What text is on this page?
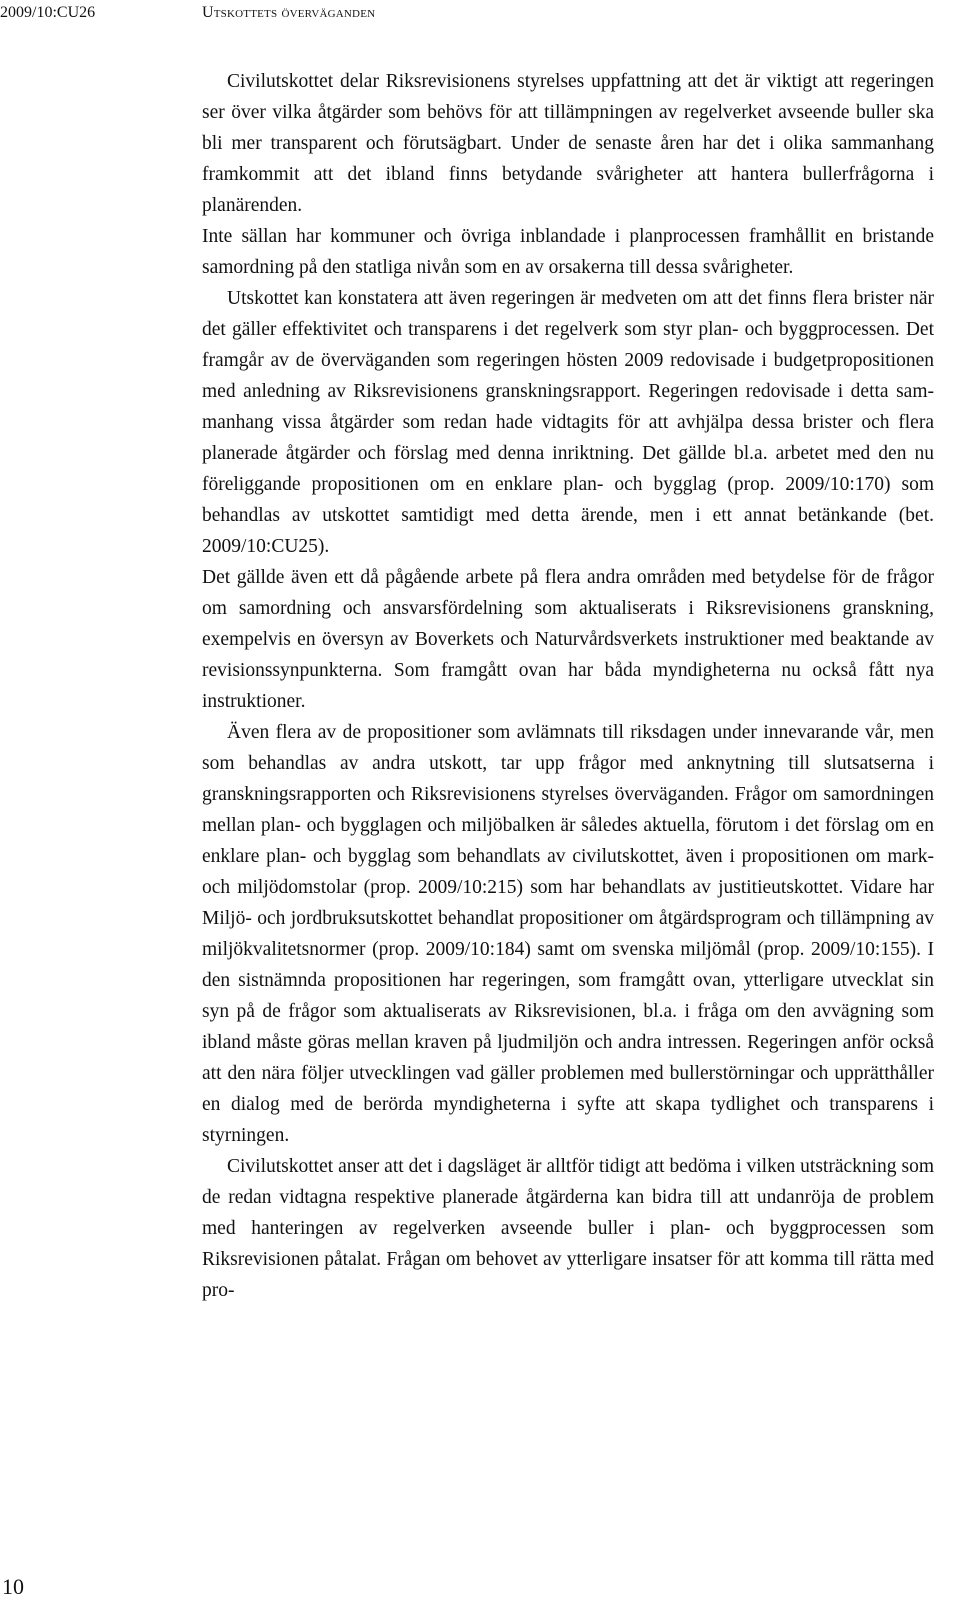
2009/10:CU26	Utskottets överväganden

Civilutskottet delar Riksrevisionens styrelses uppfattning att det är viktigt att regeringen ser över vilka åtgärder som behövs för att tillämpningen av regelverket avseende buller ska bli mer transparent och förutsägbart. Under de senaste åren har det i olika sammanhang framkommit att det ibland finns betydande svårigheter att hantera bullerfrågorna i planärenden.

Inte sällan har kommuner och övriga inblandade i planprocessen framhållit en bristande samordning på den statliga nivån som en av orsakerna till dessa svårigheter.

Utskottet kan konstatera att även regeringen är medveten om att det finns flera brister när det gäller effektivitet och transparens i det regelverk som styr plan- och byggprocessen. Det framgår av de överväganden som regeringen hösten 2009 redovisade i budgetpropositionen med anledning av Riksrevisionens granskningsrapport. Regeringen redovisade i detta sammanhang vissa åtgärder som redan hade vidtagits för att avhjälpa dessa brister och flera planerade åtgärder och förslag med denna inriktning. Det gällde bl.a. arbetet med den nu föreliggande propositionen om en enklare plan- och bygglag (prop. 2009/10:170) som behandlas av utskottet samtidigt med detta ärende, men i ett annat betänkande (bet. 2009/10:CU25).

Det gällde även ett då pågående arbete på flera andra områden med betydelse för de frågor om samordning och ansvarsfördelning som aktualiserats i Riksrevisionens granskning, exempelvis en översyn av Boverkets och Naturvårdsverkets instruktioner med beaktande av revisionssynpunkterna. Som framgått ovan har båda myndigheterna nu också fått nya instruktioner.

Även flera av de propositioner som avlämnats till riksdagen under innevarande vår, men som behandlas av andra utskott, tar upp frågor med anknytning till slutsatserna i granskningsrapporten och Riksrevisionens styrelses överväganden. Frågor om samordningen mellan plan- och bygglagen och miljöbalken är således aktuella, förutom i det förslag om en enklare plan- och bygglag som behandlats av civilutskottet, även i propositionen om mark- och miljödomstolar (prop. 2009/10:215) som har behandlats av justitieutskottet. Vidare har Miljö- och jordbruksutskottet behandlat propositioner om åtgärdsprogram och tillämpning av miljökvalitetsnormer (prop. 2009/10:184) samt om svenska miljömål (prop. 2009/10:155). I den sistnämnda propositionen har regeringen, som framgått ovan, ytterligare utvecklat sin syn på de frågor som aktualiserats av Riksrevisionen, bl.a. i fråga om den avvägning som ibland måste göras mellan kraven på ljudmiljön och andra intressen. Regeringen anför också att den nära följer utvecklingen vad gäller problemen med bullerstörningar och upprätthåller en dialog med de berörda myndigheterna i syfte att skapa tydlighet och transparens i styrningen.

Civilutskottet anser att det i dagsläget är alltför tidigt att bedöma i vilken utsträckning som de redan vidtagna respektive planerade åtgärderna kan bidra till att undanröja de problem med hanteringen av regelverken avseende buller i plan- och byggprocessen som Riksrevisionen påtalat. Frågan om behovet av ytterligare insatser för att komma till rätta med pro-

10
